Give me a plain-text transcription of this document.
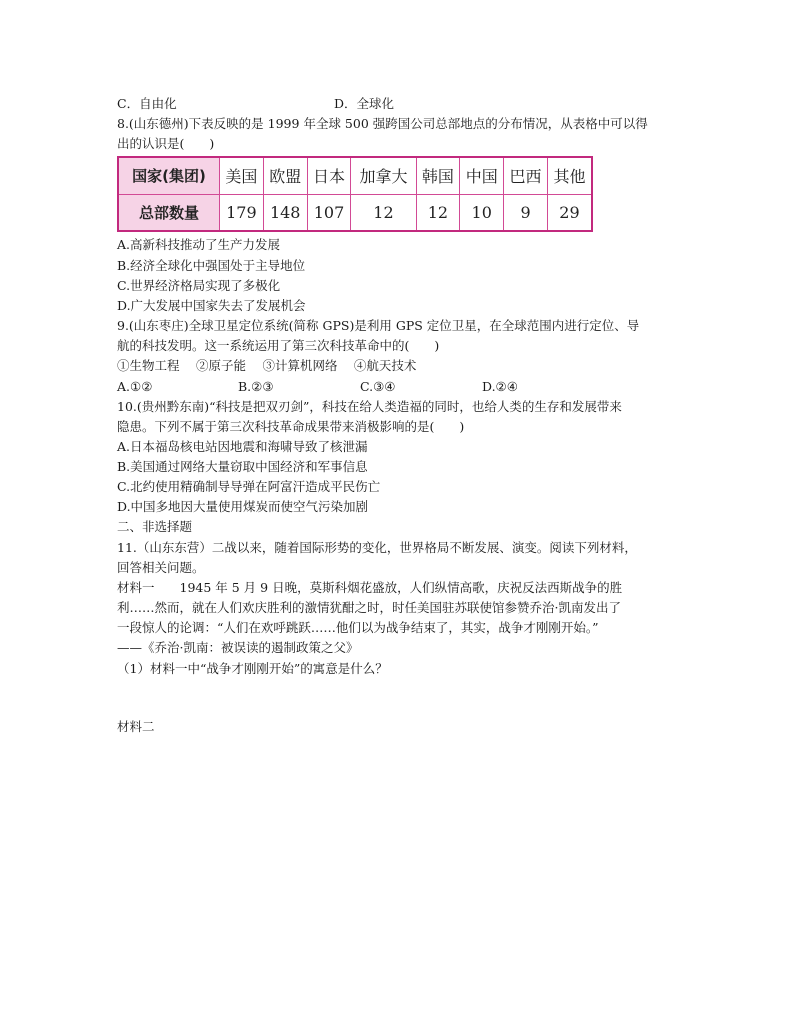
C．自由化	D．全球化
8.(山东德州)下表反映的是 1999 年全球 500 强跨国公司总部地点的分布情况，从表格中可以得
出的认识是(　　)
国家(集团)	美国	欧盟	日本	加拿大	韩国	中国	巴西	其他
总部数量	179	148	107	12	12	10	9	29
A.高新科技推动了生产力发展
B.经济全球化中强国处于主导地位
C.世界经济格局实现了多极化
D.广大发展中国家失去了发展机会
9.(山东枣庄)全球卫星定位系统(简称 GPS)是利用 GPS 定位卫星，在全球范围内进行定位、导
航的科技发明。这一系统运用了第三次科技革命中的(　　)
①生物工程　 ②原子能　 ③计算机网络　 ④航天技术
A.①②	B.②③	C.③④	D.②④
10.(贵州黔东南)“科技是把双刃剑”，科技在给人类造福的同时，也给人类的生存和发展带来
隐患。下列不属于第三次科技革命成果带来消极影响的是(　　)
A.日本福岛核电站因地震和海啸导致了核泄漏
B.美国通过网络大量窃取中国经济和军事信息
C.北约使用精确制导导弹在阿富汗造成平民伤亡
D.中国多地因大量使用煤炭而使空气污染加剧
二、非选择题
11.（山东东营）二战以来，随着国际形势的变化，世界格局不断发展、演变。阅读下列材料，
回答相关问题。
材料一　　1945 年 5 月 9 日晚，莫斯科烟花盛放，人们纵情高歌，庆祝反法西斯战争的胜
利……然而，就在人们欢庆胜利的激情犹酣之时，时任美国驻苏联使馆参赞乔治·凯南发出了
一段惊人的论调：“人们在欢呼跳跃……他们以为战争结束了，其实，战争才刚刚开始。”
——《乔治·凯南：被误读的遏制政策之父》
（1）材料一中“战争才刚刚开始”的寓意是什么？
材料二
